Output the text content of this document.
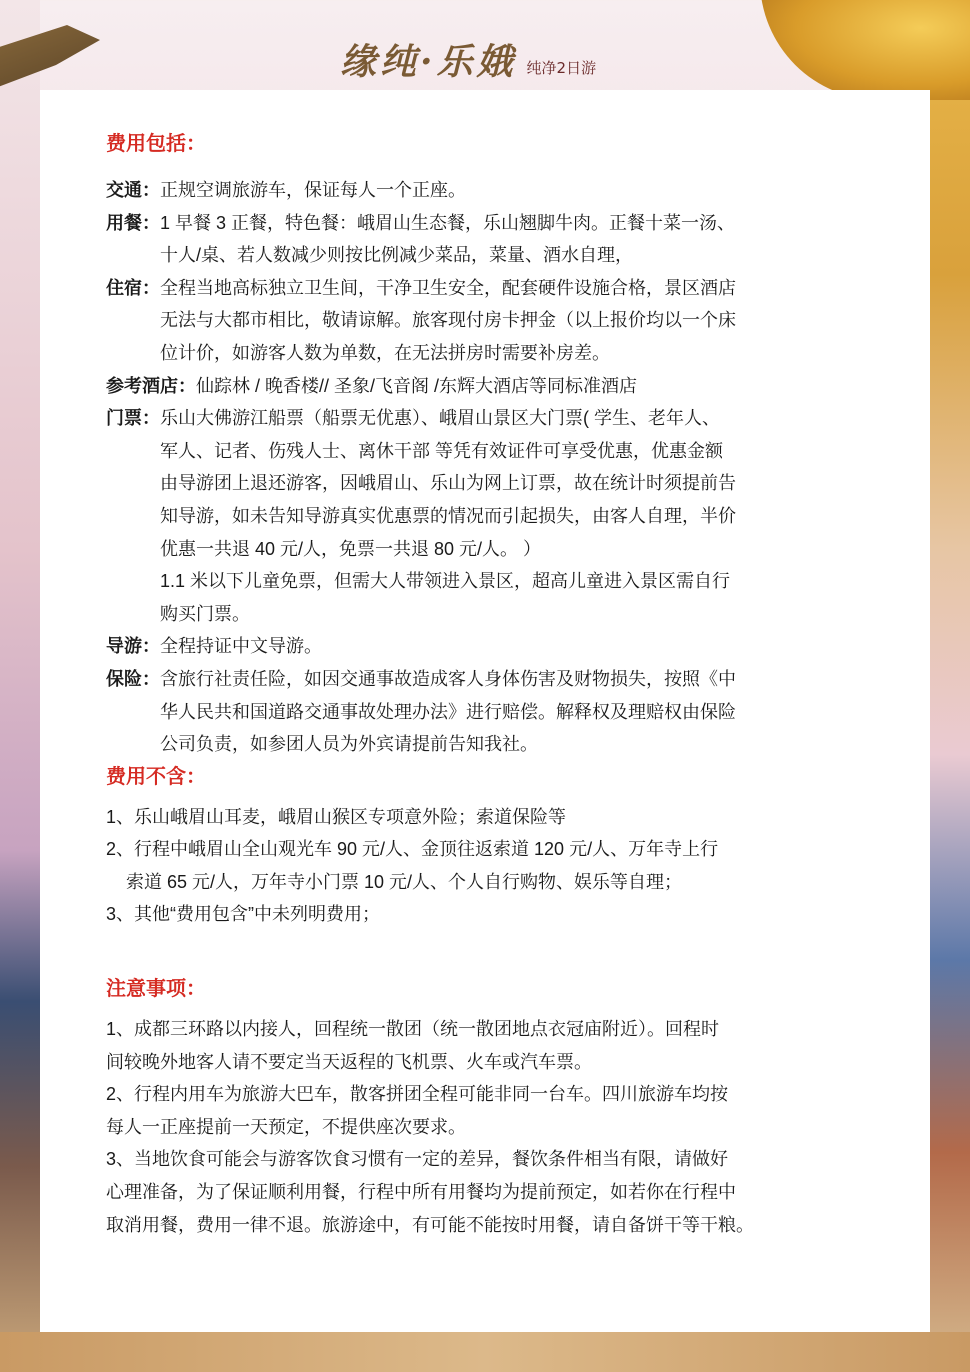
缘纯·乐娥 纯净2日游
费用包括：
交通： 正规空调旅游车，保证每人一个正座。
用餐： 1 早餐 3 正餐，特色餐：峨眉山生态餐，乐山翘脚牛肉。正餐十菜一汤、
十人/桌、若人数减少则按比例减少菜品，菜量、酒水自理，
住宿： 全程当地高标独立卫生间，干净卫生安全，配套硬件设施合格，景区酒店
无法与大都市相比，敬请谅解。旅客现付房卡押金（以上报价均以一个床
位计价，如游客人数为单数，在无法拼房时需要补房差。
参考酒店： 仙踪林 / 晚香楼// 圣象/飞音阁 /东辉大酒店等同标准酒店
门票： 乐山大佛游江船票（船票无优惠）、峨眉山景区大门票( 学生、老年人、
军人、记者、伤残人士、离休干部 等凭有效证件可享受优惠，优惠金额
由导游团上退还游客，因峨眉山、乐山为网上订票，故在统计时须提前告
知导游，如未告知导游真实优惠票的情况而引起损失，由客人自理，半价
优惠一共退 40 元/人，免票一共退 80 元/人。 ）
1.1 米以下儿童免票，但需大人带领进入景区，超高儿童进入景区需自行
购买门票。
导游： 全程持证中文导游。
保险： 含旅行社责任险，如因交通事故造成客人身体伤害及财物损失，按照《中
华人民共和国道路交通事故处理办法》进行赔偿。解释权及理赔权由保险
公司负责，如参团人员为外宾请提前告知我社。
费用不含：
1、乐山峨眉山耳麦，峨眉山猴区专项意外险；索道保险等
2、行程中峨眉山全山观光车 90 元/人、金顶往返索道 120 元/人、万年寺上行
索道 65 元/人，万年寺小门票 10 元/人、个人自行购物、娱乐等自理；
3、其他“费用包含”中未列明费用；
注意事项：
1、成都三环路以内接人，回程统一散团（统一散团地点衣冠庙附近）。回程时
间较晚外地客人请不要定当天返程的飞机票、火车或汽车票。
2、行程内用车为旅游大巴车，散客拼团全程可能非同一台车。四川旅游车均按
每人一正座提前一天预定，不提供座次要求。
3、当地饮食可能会与游客饮食习惯有一定的差异，餐饮条件相当有限，请做好
心理准备，为了保证顺利用餐，行程中所有用餐均为提前预定，如若你在行程中
取消用餐，费用一律不退。旅游途中，有可能不能按时用餐，请自备饼干等干粮。
